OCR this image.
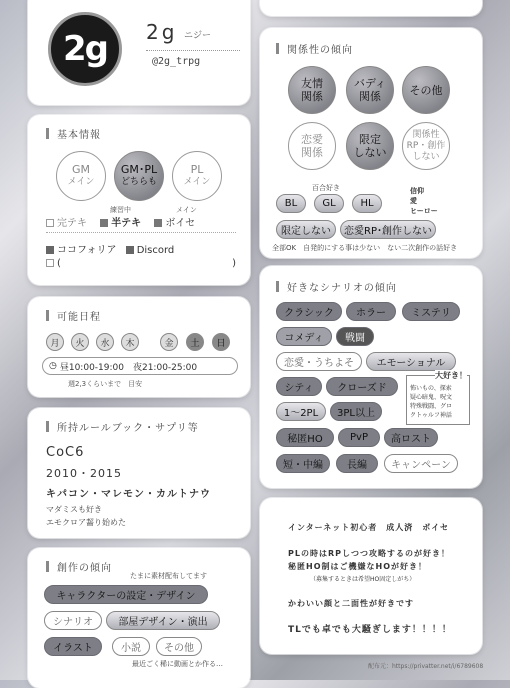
2g 2g ニジー
@2g_trpg
基本情報
GM
メイン
GM･PL
どちらも
PL
メイン
練習中	メイン
完テキ　 半テキ　 ボイセ
ココフォリア Discord
(	)
可能日程
月	火	水	木	金	土	日
◷ 昼10:00-19:00　夜21:00-25:00
週2,3くらいまで　目安
所持ルールブック・サプリ等
CoC6
2010・2015
キパコン・マレモン・カルトナウ
マダミスも好き
エモクロア齧り始めた
創作の傾向
たまに素材配布してます
キャラクターの設定・デザイン
シナリオ	部屋デザイン・演出
イラスト	小説	その他
最近ごく稀に動画とか作る…
関係性の傾向
友情
関係
バディ
関係	その他
恋愛
関係
限定
しない
関係性
RP・創作
しない
百合好き
BL	GL	HL
信仰
愛
ヒーロー
限定しない	恋愛RP･創作しない
全部OK　自発的にする事は少ない　ない二次創作の話好き
好きなシナリオの傾向
クラシック	ホラー	ミステリ
コメディ	戦闘
恋愛・うちよそ	エモーショナル
シティ	クローズド
1〜2PL	3PL以上
秘匿HO	PvP	高ロスト
短・中編	長編	キャンペーン
大好き！
怖いもの、探索
疑心暗鬼、呪文
特殊戦闘、グロ
クトゥルフ神話
インターネット初心者　成人済　ボイセ
PLの時はRPしつつ攻略するのが好き！
秘匿HO制はご機嫌なHOが好き！
（募集するときは希望HO固定しがち）
かわいい顔と二面性が好きです
TLでも卓でも大騒ぎします！！！！
配布元：https://privatter.net/i/6789608
